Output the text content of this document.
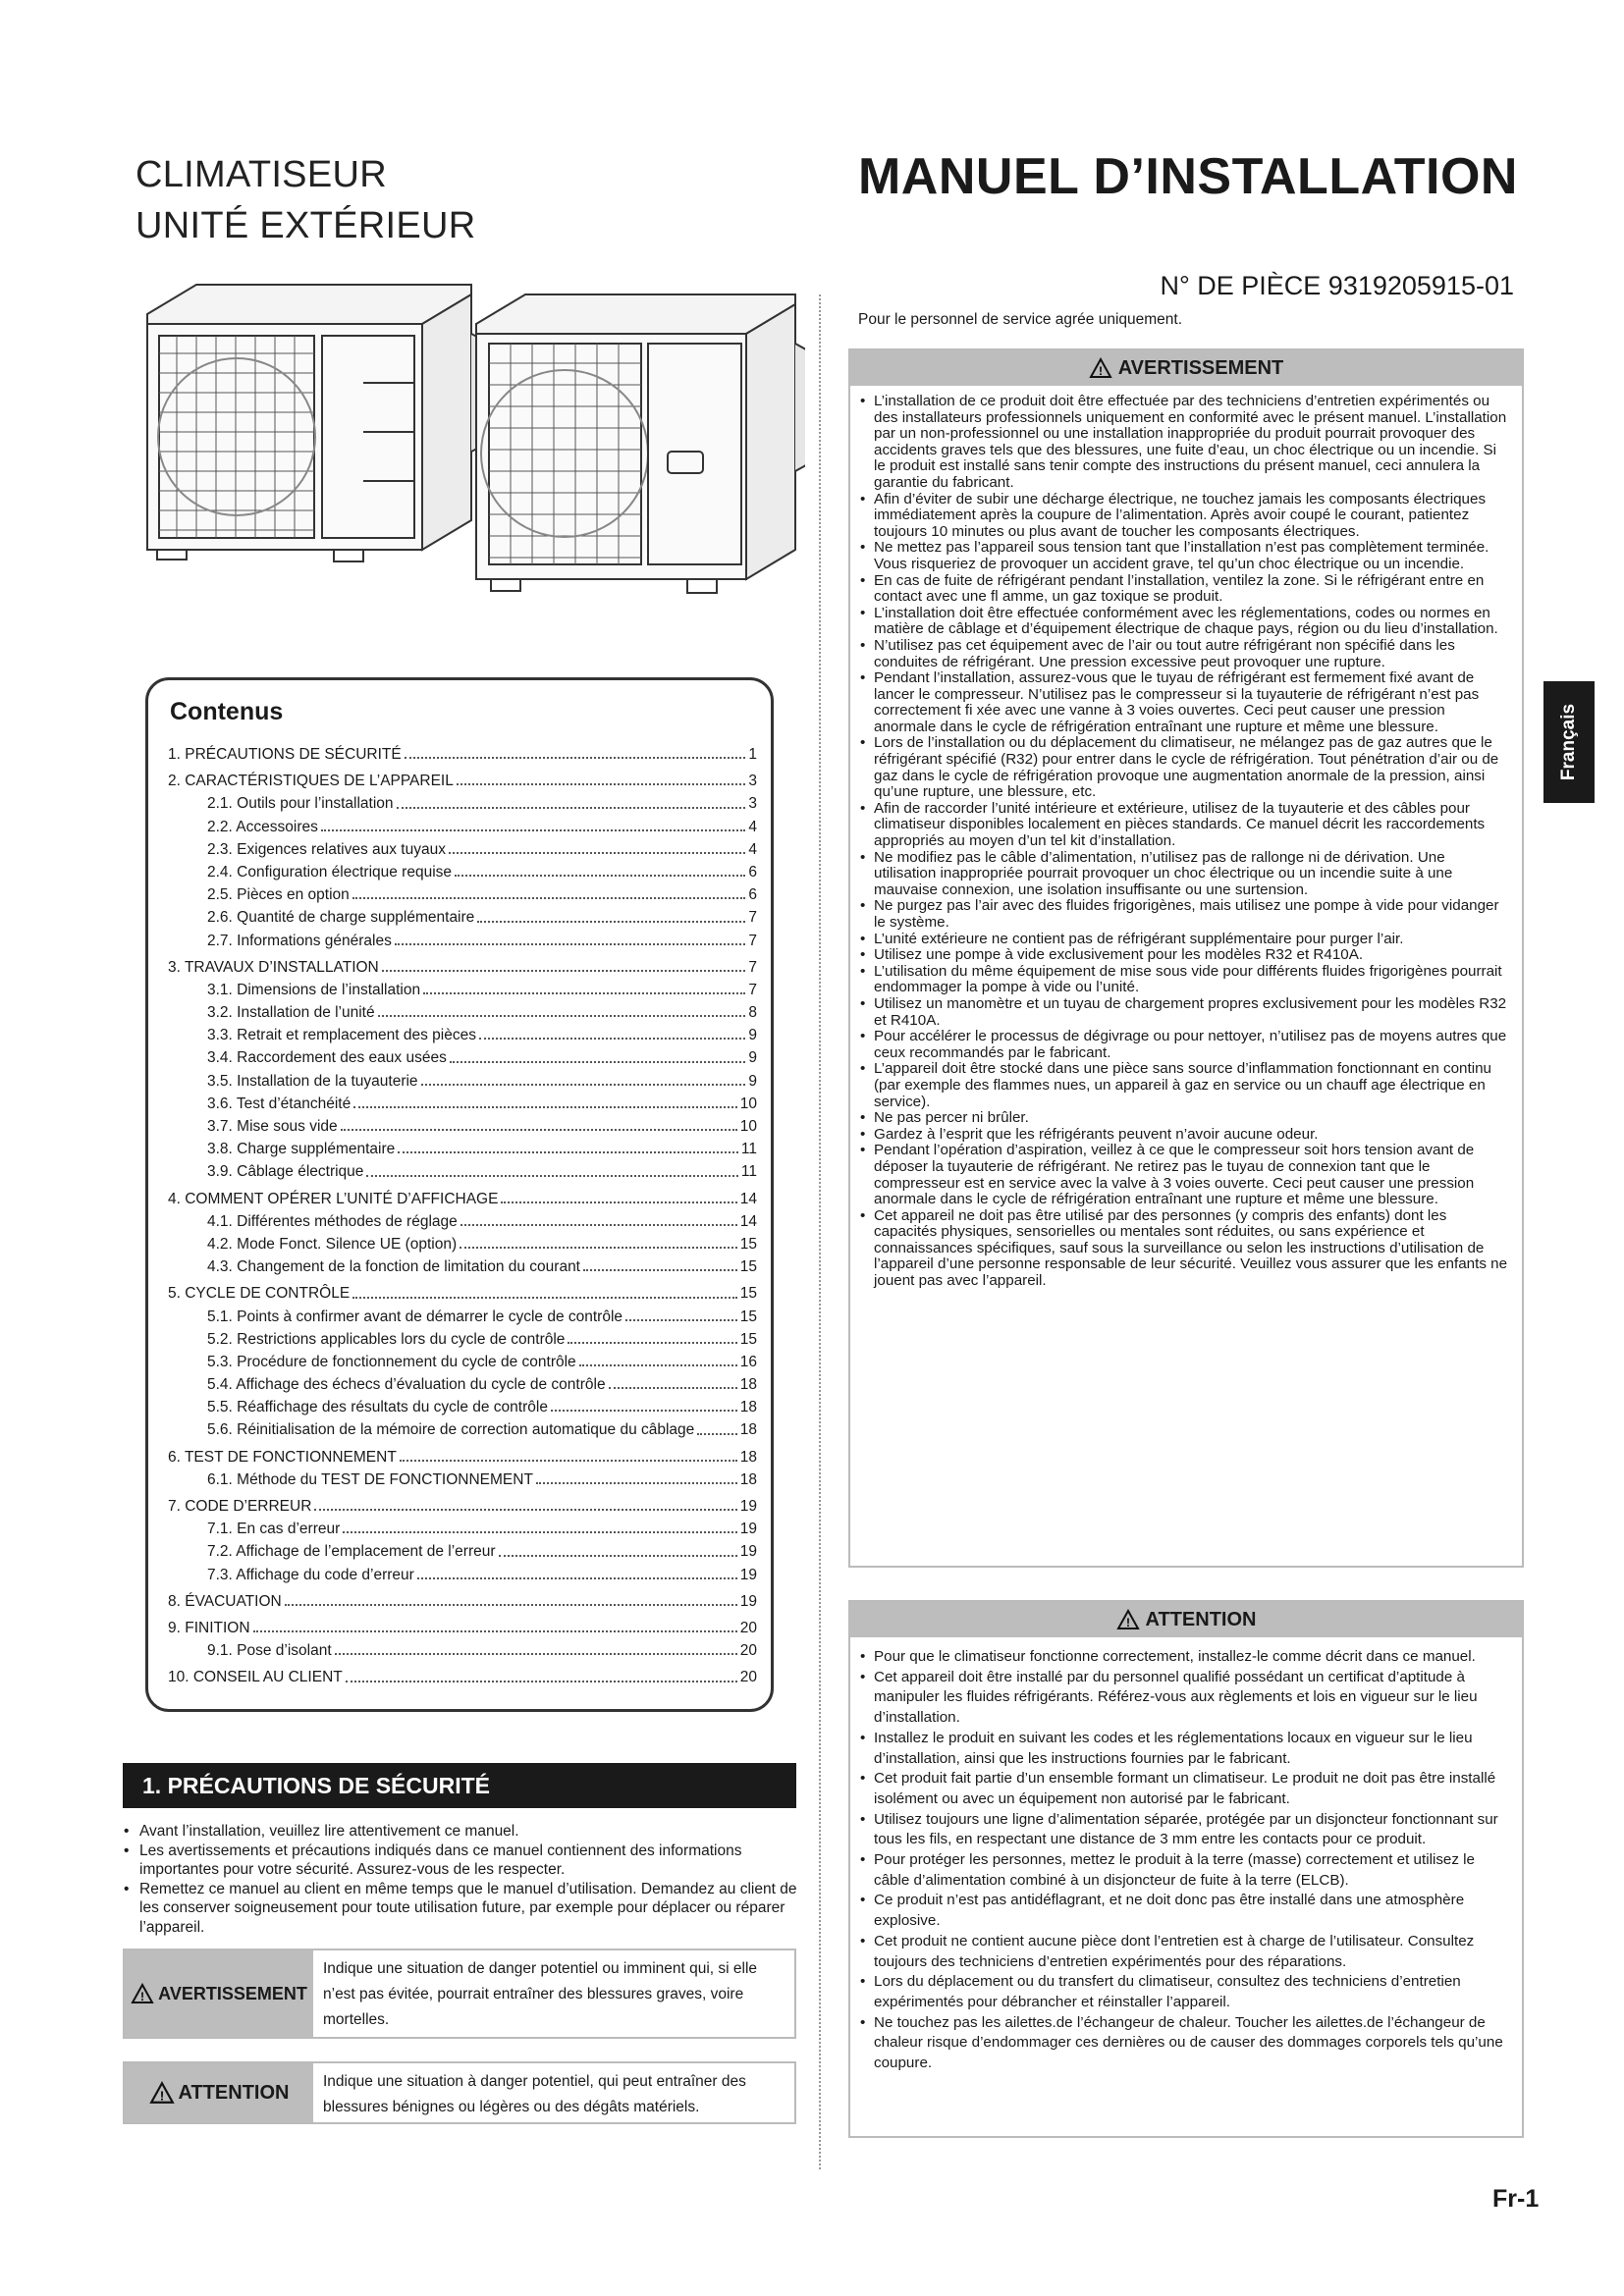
CLIMATISEUR
UNITÉ EXTÉRIEUR
MANUEL D’INSTALLATION
N° DE PIÈCE 9319205915-01
Contenus
1. PRÉCAUTIONS DE SÉCURITÉ	1
2. CARACTÉRISTIQUES DE L’APPAREIL	3
2.1. Outils pour l’installation	3
2.2. Accessoires	4
2.3. Exigences relatives aux tuyaux	4
2.4. Configuration électrique requise	6
2.5. Pièces en option	6
2.6. Quantité de charge supplémentaire	7
2.7. Informations générales	7
3. TRAVAUX D’INSTALLATION	7
3.1. Dimensions de l’installation	7
3.2. Installation de l’unité	8
3.3. Retrait et remplacement des pièces	9
3.4. Raccordement des eaux usées	9
3.5. Installation de la tuyauterie	9
3.6. Test d’étanchéité	10
3.7. Mise sous vide	10
3.8. Charge supplémentaire	11
3.9. Câblage électrique	11
4. COMMENT OPÉRER L’UNITÉ D’AFFICHAGE	14
4.1. Différentes méthodes de réglage	14
4.2. Mode Fonct. Silence UE (option)	15
4.3. Changement de la fonction de limitation du courant	15
5. CYCLE DE CONTRÔLE	15
5.1. Points à confirmer avant de démarrer le cycle de contrôle	15
5.2. Restrictions applicables lors du cycle de contrôle	15
5.3. Procédure de fonctionnement du cycle de contrôle	16
5.4. Affichage des échecs d’évaluation du cycle de contrôle	18
5.5. Réaffichage des résultats du cycle de contrôle	18
5.6. Réinitialisation de la mémoire de correction automatique du câblage	18
6. TEST DE FONCTIONNEMENT	18
6.1. Méthode du TEST DE FONCTIONNEMENT	18
7. CODE D’ERREUR	19
7.1. En cas d’erreur	19
7.2. Affichage de l’emplacement de l’erreur	19
7.3. Affichage du code d’erreur	19
8. ÉVACUATION	19
9. FINITION	20
9.1. Pose d’isolant	20
10. CONSEIL AU CLIENT	20
1. PRÉCAUTIONS DE SÉCURITÉ
• Avant l’installation, veuillez lire attentivement ce manuel.
• Les avertissements et précautions indiqués dans ce manuel contiennent des informations importantes pour votre sécurité. Assurez-vous de les respecter.
• Remettez ce manuel au client en même temps que le manuel d’utilisation. Demandez au client de les conserver soigneusement pour toute utilisation future, par exemple pour déplacer ou réparer l’appareil.
! AVERTISSEMENT
Indique une situation de danger potentiel ou imminent qui, si elle n’est pas évitée, pourrait entraîner des blessures graves, voire mortelles.
! ATTENTION	Indique une situation à danger potentiel, qui peut entraîner des blessures bénignes ou légères ou des dégâts matériels.
Pour le personnel de service agrée uniquement.
! AVERTISSEMENT
• L’installation de ce produit doit être effectuée par des techniciens d’entretien expérimentés ou des installateurs professionnels uniquement en conformité avec le présent manuel. L’installation par un non-professionnel ou une installation inappropriée du produit pourrait provoquer des accidents graves tels que des blessures, une fuite d’eau, un choc électrique ou un incendie. Si le produit est installé sans tenir compte des instructions du présent manuel, ceci annulera la garantie du fabricant.
• Afin d’éviter de subir une décharge électrique, ne touchez jamais les composants électriques immédiatement après la coupure de l’alimentation. Après avoir coupé le courant, patientez toujours 10 minutes ou plus avant de toucher les composants électriques.
• Ne mettez pas l’appareil sous tension tant que l’installation n’est pas complètement terminée. Vous risqueriez de provoquer un accident grave, tel qu’un choc électrique ou un incendie.
• En cas de fuite de réfrigérant pendant l’installation, ventilez la zone. Si le réfrigérant entre en contact avec une fl amme, un gaz toxique se produit.
• L’installation doit être effectuée conformément avec les réglementations, codes ou normes en matière de câblage et d’équipement électrique de chaque pays, région ou du lieu d’installation.
• N’utilisez pas cet équipement avec de l’air ou tout autre réfrigérant non spécifié dans les conduites de réfrigérant. Une pression excessive peut provoquer une rupture.
• Pendant l’installation, assurez-vous que le tuyau de réfrigérant est fermement fixé avant de lancer le compresseur. N’utilisez pas le compresseur si la tuyauterie de réfrigérant n’est pas correctement fi xée avec une vanne à 3 voies ouvertes. Ceci peut causer une pression anormale dans le cycle de réfrigération entraînant une rupture et même une blessure.
• Lors de l’installation ou du déplacement du climatiseur, ne mélangez pas de gaz autres que le réfrigérant spécifié (R32) pour entrer dans le cycle de réfrigération. Tout pénétration d’air ou de gaz dans le cycle de réfrigération provoque une augmentation anormale de la pression, ainsi qu’une rupture, une blessure, etc.
• Afin de raccorder l’unité intérieure et extérieure, utilisez de la tuyauterie et des câbles pour climatiseur disponibles localement en pièces standards. Ce manuel décrit les raccordements appropriés au moyen d’un tel kit d’installation.
• Ne modifiez pas le câble d’alimentation, n’utilisez pas de rallonge ni de dérivation. Une utilisation inappropriée pourrait provoquer un choc électrique ou un incendie suite à une mauvaise connexion, une isolation insuffisante ou une surtension.
• Ne purgez pas l’air avec des fluides frigorigènes, mais utilisez une pompe à vide pour vidanger le système.
• L’unité extérieure ne contient pas de réfrigérant supplémentaire pour purger l’air.
• Utilisez une pompe à vide exclusivement pour les modèles R32 et R410A.
• L’utilisation du même équipement de mise sous vide pour différents fluides frigorigènes pourrait endommager la pompe à vide ou l’unité.
• Utilisez un manomètre et un tuyau de chargement propres exclusivement pour les modèles R32 et R410A.
• Pour accélérer le processus de dégivrage ou pour nettoyer, n’utilisez pas de moyens autres que ceux recommandés par le fabricant.
• L’appareil doit être stocké dans une pièce sans source d’inflammation fonctionnant en continu (par exemple des flammes nues, un appareil à gaz en service ou un chauff age électrique en service).
• Ne pas percer ni brûler.
• Gardez à l’esprit que les réfrigérants peuvent n’avoir aucune odeur.
• Pendant l’opération d’aspiration, veillez à ce que le compresseur soit hors tension avant de déposer la tuyauterie de réfrigérant. Ne retirez pas le tuyau de connexion tant que le compresseur est en service avec la valve à 3 voies ouverte. Ceci peut causer une pression anormale dans le cycle de réfrigération entraînant une rupture et même une blessure.
• Cet appareil ne doit pas être utilisé par des personnes (y compris des enfants) dont les capacités physiques, sensorielles ou mentales sont réduites, ou sans expérience et connaissances spécifiques, sauf sous la surveillance ou selon les instructions d’utilisation de l’appareil d’une personne responsable de leur sécurité. Veuillez vous assurer que les enfants ne jouent pas avec l’appareil.
! ATTENTION
• Pour que le climatiseur fonctionne correctement, installez-le comme décrit dans ce manuel.
• Cet appareil doit être installé par du personnel qualifié possédant un certificat d’aptitude à manipuler les fluides réfrigérants. Référez-vous aux règlements et lois en vigueur sur le lieu d’installation.
• Installez le produit en suivant les codes et les réglementations locaux en vigueur sur le lieu d’installation, ainsi que les instructions fournies par le fabricant.
• Cet produit fait partie d’un ensemble formant un climatiseur. Le produit ne doit pas être installé isolément ou avec un équipement non autorisé par le fabricant.
• Utilisez toujours une ligne d’alimentation séparée, protégée par un disjoncteur fonctionnant sur tous les fils, en respectant une distance de 3 mm entre les contacts pour ce produit.
• Pour protéger les personnes, mettez le produit à la terre (masse) correctement et utilisez le câble d’alimentation combiné à un disjoncteur de fuite à la terre (ELCB).
• Ce produit n’est pas antidéflagrant, et ne doit donc pas être installé dans une atmosphère explosive.
• Cet produit ne contient aucune pièce dont l’entretien est à charge de l’utilisateur. Consultez toujours des techniciens d’entretien expérimentés pour des réparations.
• Lors du déplacement ou du transfert du climatiseur, consultez des techniciens d’entretien expérimentés pour débrancher et réinstaller l’appareil.
• Ne touchez pas les ailettes.de l’échangeur de chaleur. Toucher les ailettes.de l’échangeur de chaleur risque d’endommager ces dernières ou de causer des dommages corporels tels qu’une coupure.
Français
Fr-1
